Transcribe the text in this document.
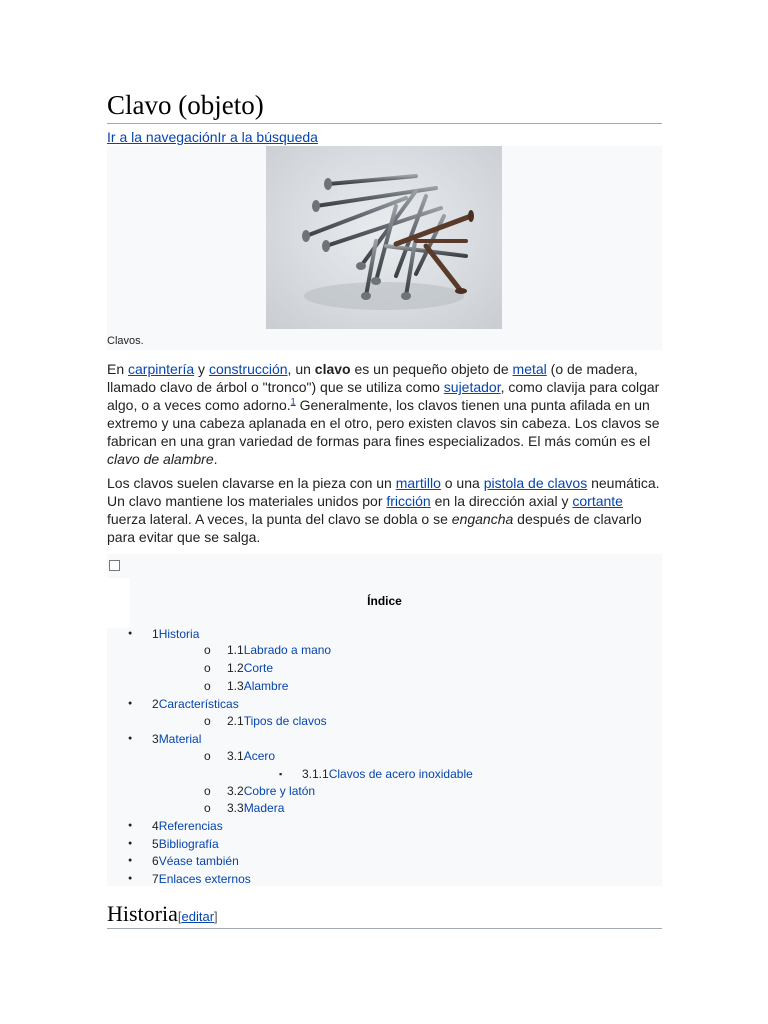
Clavo (objeto)
Ir a la navegaciónIr a la búsqueda
Clavos.

En carpintería y construcción, un clavo es un pequeño objeto de metal (o de madera, llamado clavo de árbol o "tronco") que se utiliza como sujetador, como clavija para colgar algo, o a veces como adorno.$^1$ Generalmente, los clavos tienen una punta afilada en un extremo y una cabeza aplanada en el otro, pero existen clavos sin cabeza. Los clavos se fabrican en una gran variedad de formas para fines especializados. El más común es el clavo de alambre.

Los clavos suelen clavarse en la pieza con un martillo o una pistola de clavos neumática. Un clavo mantiene los materiales unidos por fricción en la dirección axial y cortante fuerza lateral. A veces, la punta del clavo se dobla o se engancha después de clavarlo para evitar que se salga.

Índice
● 1Historia
o 1.1Labrado a mano
o 1.2Corte
o 1.3Alambre
● 2Características
o 2.1Tipos de clavos
● 3Material
o 3.1Acero
▪ 3.1.1Clavos de acero inoxidable
o 3.2Cobre y latón
o 3.3Madera
● 4Referencias
● 5Bibliografía
● 6Véase también
● 7Enlaces externos
Historia[editar]
